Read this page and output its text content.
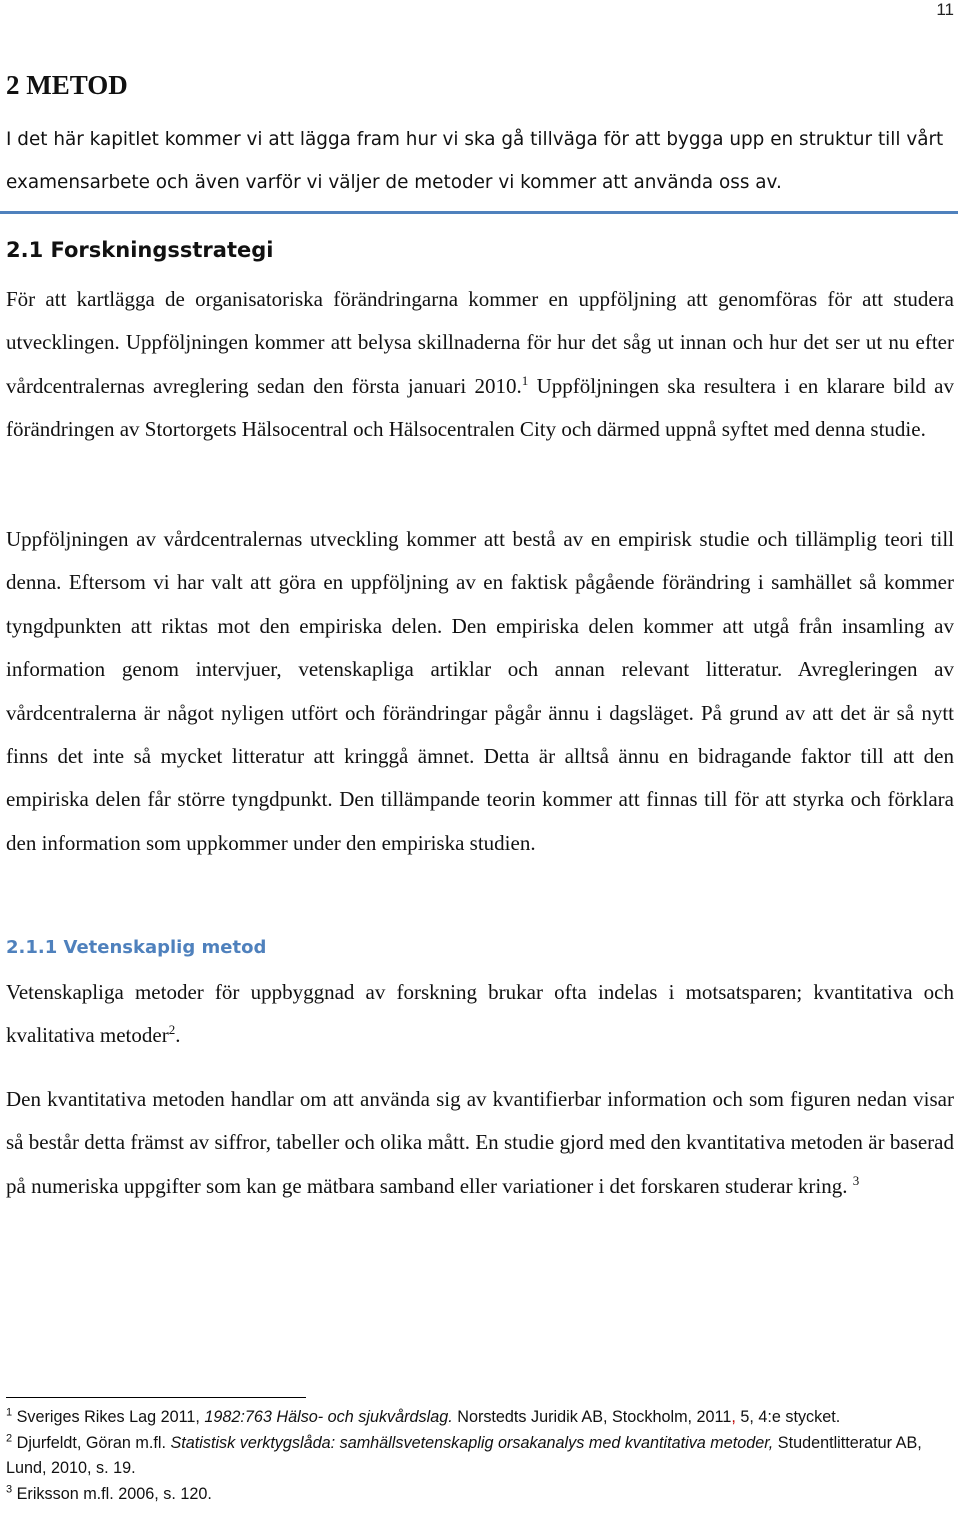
11
2 METOD

I det här kapitlet kommer vi att lägga fram hur vi ska gå tillväga för att bygga upp en struktur till vårt examensarbete och även varför vi väljer de metoder vi kommer att använda oss av.

2.1 Forskningsstrategi

För att kartlägga de organisatoriska förändringarna kommer en uppföljning att genomföras för att studera utvecklingen. Uppföljningen kommer att belysa skillnaderna för hur det såg ut innan och hur det ser ut nu efter vårdcentralernas avreglering sedan den första januari 2010.$^1$ Uppföljningen ska resultera i en klarare bild av förändringen av Stortorgets Hälsocentral och Hälsocentralen City och därmed uppnå syftet med denna studie.

Uppföljningen av vårdcentralernas utveckling kommer att bestå av en empirisk studie och tillämplig teori till denna. Eftersom vi har valt att göra en uppföljning av en faktisk pågående förändring i samhället så kommer tyngdpunkten att riktas mot den empiriska delen. Den empiriska delen kommer att utgå från insamling av information genom intervjuer, vetenskapliga artiklar och annan relevant litteratur. Avregleringen av vårdcentralerna är något nyligen utfört och förändringar pågår ännu i dagsläget. På grund av att det är så nytt finns det inte så mycket litteratur att kringgå ämnet. Detta är alltså ännu en bidragande faktor till att den empiriska delen får större tyngdpunkt. Den tillämpande teorin kommer att finnas till för att styrka och förklara den information som uppkommer under den empiriska studien.

2.1.1 Vetenskaplig metod

Vetenskapliga metoder för uppbyggnad av forskning brukar ofta indelas i motsatsparen; kvantitativa och kvalitativa metoder$^2$.

Den kvantitativa metoden handlar om att använda sig av kvantifierbar information och som figuren nedan visar så består detta främst av siffror, tabeller och olika mått. En studie gjord med den kvantitativa metoden är baserad på numeriska uppgifter som kan ge mätbara samband eller variationer i det forskaren studerar kring. $^3$

$^1$ Sveriges Rikes Lag 2011, 1982:763 Hälso- och sjukvårdslag. Norstedts Juridik AB, Stockholm, 2011, 5, 4:e stycket.

$^2$ Djurfeldt, Göran m.fl. Statistisk verktygslåda: samhällsvetenskaplig orsakanalys med kvantitativa metoder, Studentlitteratur AB, Lund, 2010, s. 19.

$^3$ Eriksson m.fl. 2006, s. 120.
